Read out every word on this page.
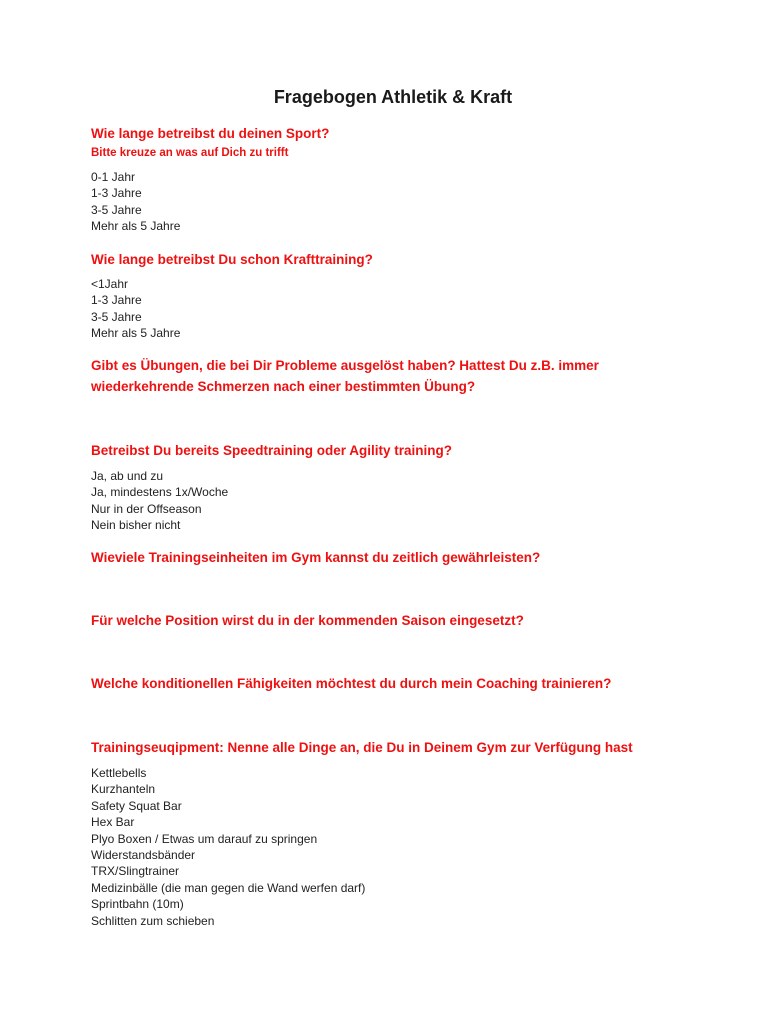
Fragebogen Athletik & Kraft

Wie lange betreibst du deinen Sport?

Bitte kreuze an was auf Dich zu trifft

0-1 Jahr
1-3 Jahre
3-5 Jahre
Mehr als 5 Jahre

Wie lange betreibst Du schon Krafttraining?

<1Jahr
1-3 Jahre
3-5 Jahre
Mehr als 5 Jahre

Gibt es Übungen, die bei Dir Probleme ausgelöst haben? Hattest Du z.B. immer wiederkehrende Schmerzen nach einer bestimmten Übung?

Betreibst Du bereits Speedtraining oder Agility training?

Ja, ab und zu
Ja, mindestens 1x/Woche
Nur in der Offseason
Nein bisher nicht

Wieviele Trainingseinheiten im Gym kannst du zeitlich gewährleisten?

Für welche Position wirst du in der kommenden Saison eingesetzt?

Welche konditionellen Fähigkeiten möchtest du durch mein Coaching trainieren?

Trainingseuqipment: Nenne alle Dinge an, die Du in Deinem Gym zur Verfügung hast

Kettlebells
Kurzhanteln
Safety Squat Bar
Hex Bar
Plyo Boxen / Etwas um darauf zu springen
Widerstandsbänder
TRX/Slingtrainer
Medizinbälle (die man gegen die Wand werfen darf)
Sprintbahn (10m)
Schlitten zum schieben
